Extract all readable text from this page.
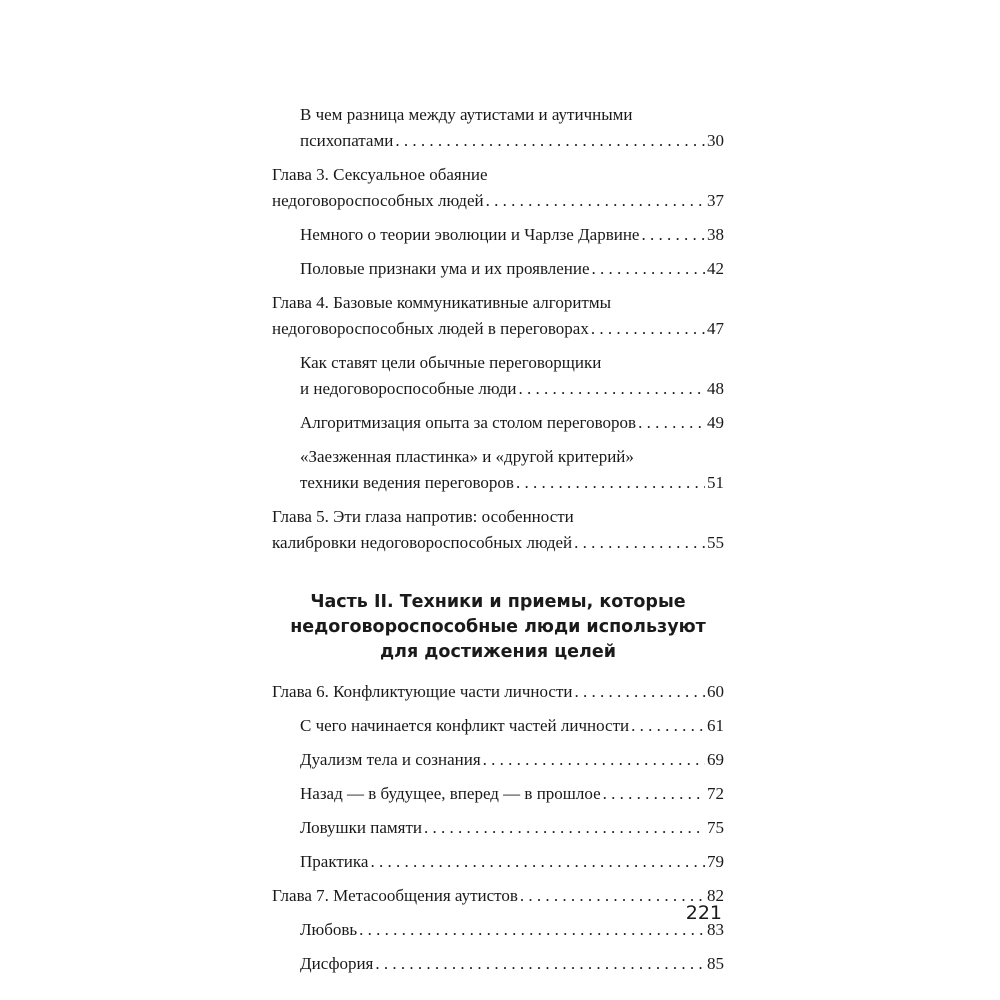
В чем разница между аутистами и аутичными
психопатами . . .	30
Глава 3. Сексуальное обаяние
недоговороспособных людей . . .	37
Немного о теории эволюции и Чарлзе Дарвине . . .	38
Половые признаки ума и их проявление . . .	42
Глава 4. Базовые коммуникативные алгоритмы
недоговороспособных людей в переговорах . . .	47
Как ставят цели обычные переговорщики
и недоговороспособные люди . . .	48
Алгоритмизация опыта за столом переговоров . . .	49
«Заезженная пластинка» и «другой критерий»
техники ведения переговоров . . .	51
Глава 5. Эти глаза напротив: особенности
калибровки недоговороспособных людей . . .	55
Часть II. Техники и приемы, которые
недоговороспособные люди используют
для достижения целей
Глава 6. Конфликтующие части личности . . .	60
С чего начинается конфликт частей личности . . .	61
Дуализм тела и сознания . . .	69
Назад — в будущее, вперед — в прошлое . . .	72
Ловушки памяти . . .	75
Практика . . .	79
Глава 7. Метасообщения аутистов . . .	82
Любовь . . .	83
Дисфория . . .	85
221
